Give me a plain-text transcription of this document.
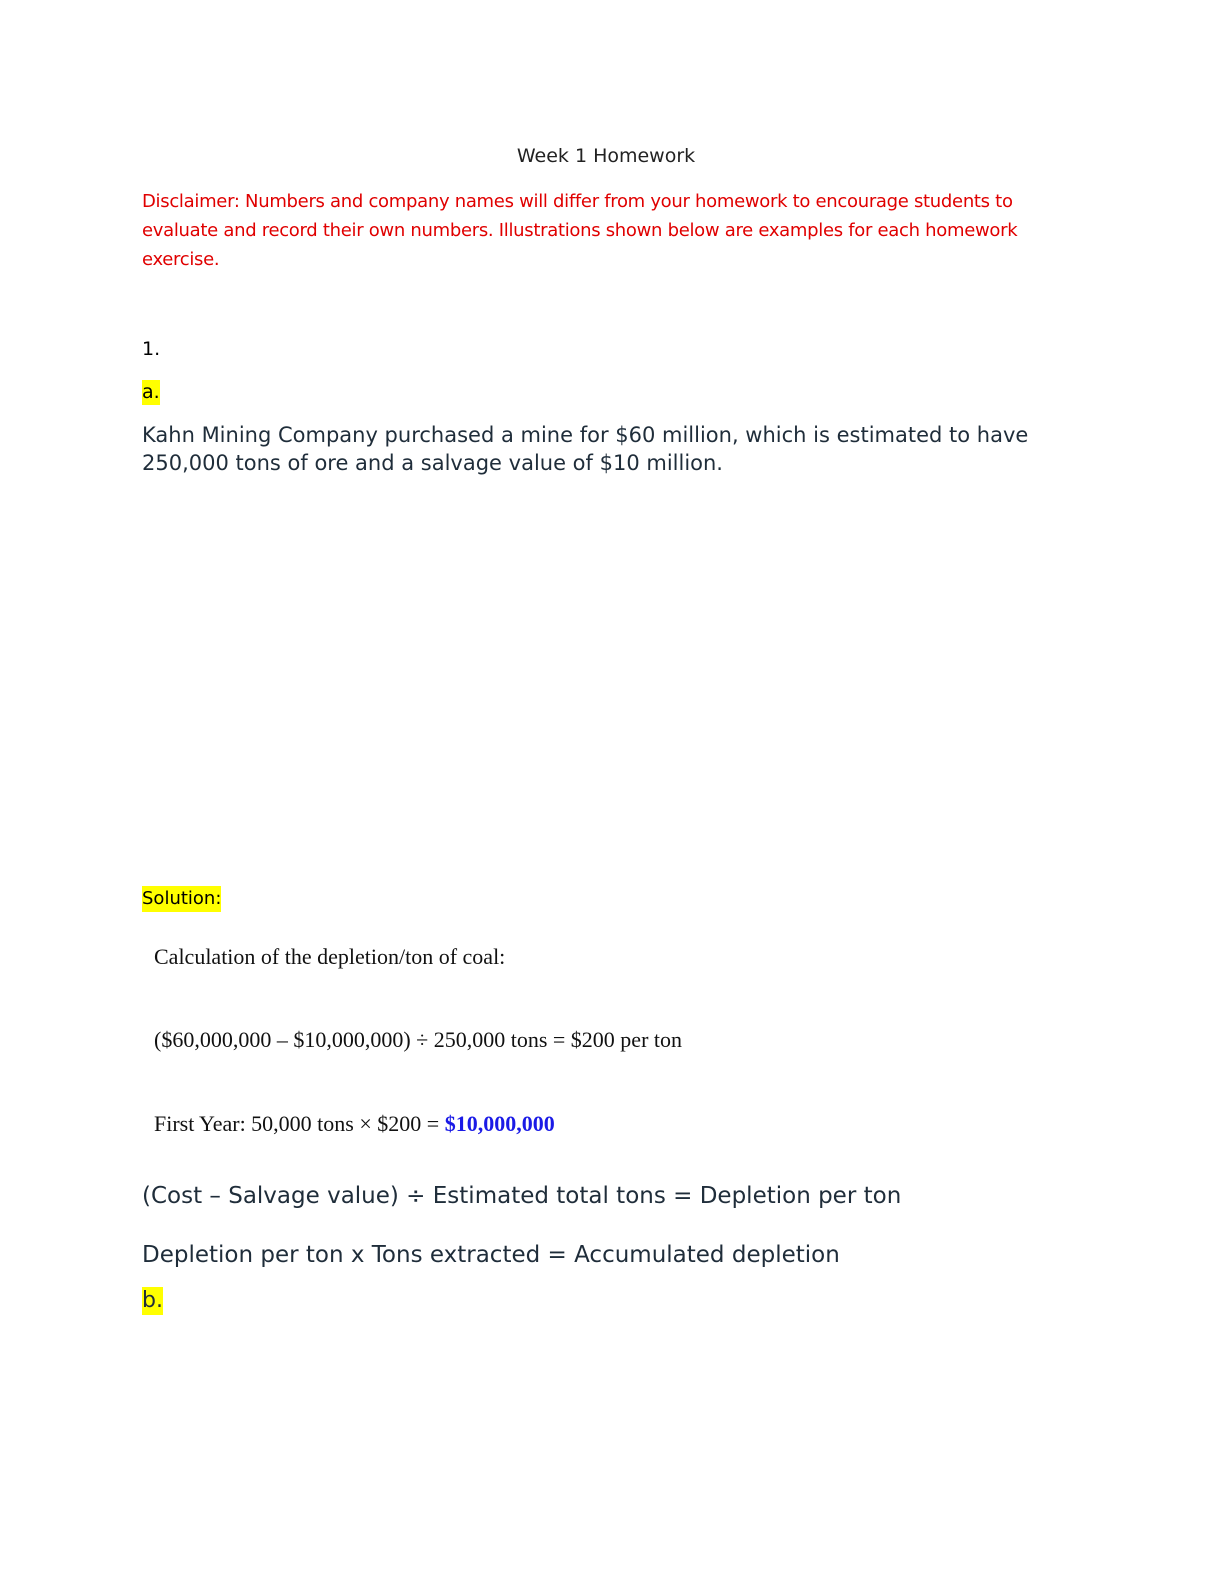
Week 1 Homework

Disclaimer: Numbers and company names will differ from your homework to encourage students to evaluate and record their own numbers. Illustrations shown below are examples for each homework exercise.

1.
a.

Kahn Mining Company purchased a mine for $60 million, which is estimated to have 250,000 tons of ore and a salvage value of $10 million.

Solution:
Calculation of the depletion/ton of coal:
($60,000,000 – $10,000,000) ÷ 250,000 tons = $200 per ton
First Year: 50,000 tons × $200 = $10,000,000
(Cost – Salvage value) ÷ Estimated total tons = Depletion per ton
Depletion per ton x Tons extracted = Accumulated depletion
b.
